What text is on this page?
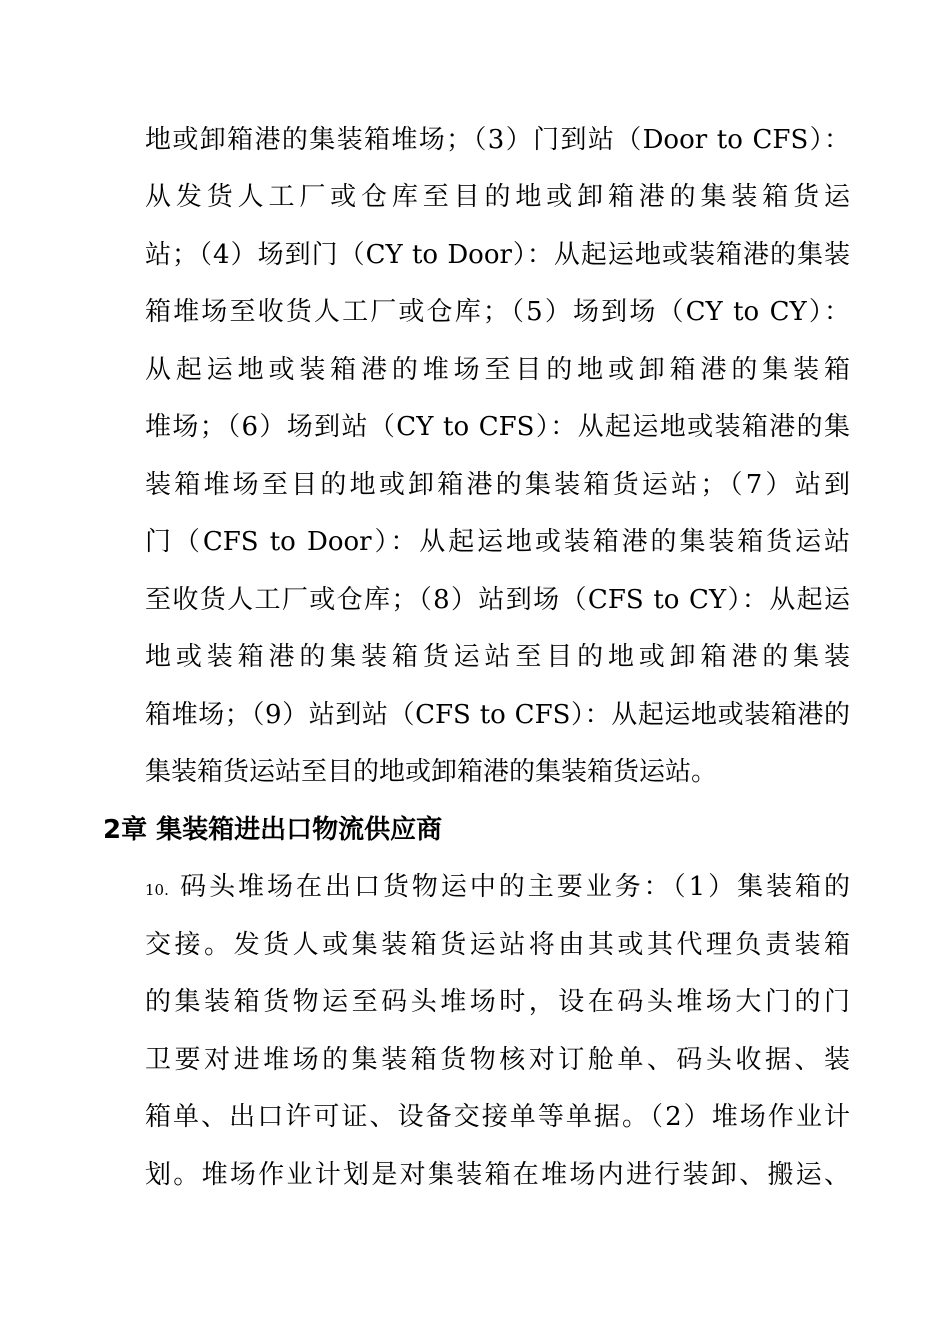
地或卸箱港的集装箱堆场；（3）门到站（Door to CFS）：
从发货人工厂或仓库至目的地或卸箱港的集装箱货运
站；（4）场到门（CY to Door）：从起运地或装箱港的集装
箱堆场至收货人工厂或仓库；（5）场到场（CY to CY）：
从起运地或装箱港的堆场至目的地或卸箱港的集装箱
堆场；（6）场到站（CY to CFS）：从起运地或装箱港的集
装箱堆场至目的地或卸箱港的集装箱货运站；（7）站到
门（CFS to Door）：从起运地或装箱港的集装箱货运站
至收货人工厂或仓库；（8）站到场（CFS to CY）：从起运
地或装箱港的集装箱货运站至目的地或卸箱港的集装
箱堆场；（9）站到站（CFS to CFS）：从起运地或装箱港的
集装箱货运站至目的地或卸箱港的集装箱货运站。
2章 集装箱进出口物流供应商
10. 码头堆场在出口货物运中的主要业务：（1）集装箱的
交接。发货人或集装箱货运站将由其或其代理负责装箱
的集装箱货物运至码头堆场时，设在码头堆场大门的门
卫要对进堆场的集装箱货物核对订舱单、码头收据、装
箱单、出口许可证、设备交接单等单据。（2）堆场作业计
划。堆场作业计划是对集装箱在堆场内进行装卸、搬运、
